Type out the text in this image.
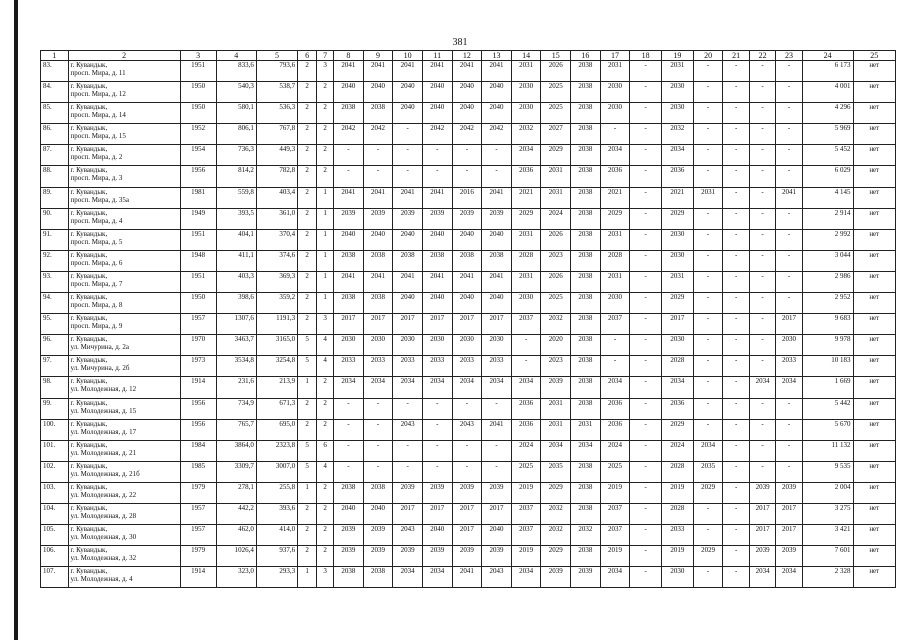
381
1	2	3	4	5	6	7	8	9	10	11	12	13	14	15	16	17	18	19	20	21	22	23	24	25
83.	г. Кувандык,
просп. Мира, д. 11	1951	833,6	793,6	2	3	2041	2041	2041	2041	2041	2041	2031	2026	2038	2031	-	2031	-	-	-	-	6 173	нет
84.	г. Кувандык,
просп. Мира, д. 12	1950	540,3	538,7	2	2	2040	2040	2040	2040	2040	2040	2030	2025	2038	2030	-	2030	-	-	-	-	4 001	нет
85.	г. Кувандык,
просп. Мира, д. 14	1950	580,1	536,3	2	2	2038	2038	2040	2040	2040	2040	2030	2025	2038	2030	-	2030	-	-	-	-	4 296	нет
86.	г. Кувандык,
просп. Мира, д. 15	1952	806,1	767,8	2	2	2042	2042	-	2042	2042	2042	2032	2027	2038	-	-	2032	-	-	-	-	5 969	нет
87.	г. Кувандык,
просп. Мира, д. 2	1954	736,3	449,3	2	2	-	-	-	-	-	-	2034	2029	2038	2034	-	2034	-	-	-	-	5 452	нет
88.	г. Кувандык,
просп. Мира, д. 3	1956	814,2	782,8	2	2	-	-	-	-	-	-	2036	2031	2038	2036	-	2036	-	-	-	-	6 029	нет
89.	г. Кувандык,
просп. Мира, д. 35а	1981	559,8	403,4	2	1	2041	2041	2041	2041	2016	2041	2021	2031	2038	2021	-	2021	2031	-	-	2041	4 145	нет
90.	г. Кувандык,
просп. Мира, д. 4	1949	393,5	361,0	2	1	2039	2039	2039	2039	2039	2039	2029	2024	2038	2029	-	2029	-	-	-	-	2 914	нет
91.	г. Кувандык,
просп. Мира, д. 5	1951	404,1	370,4	2	1	2040	2040	2040	2040	2040	2040	2031	2026	2038	2031	-	2030	-	-	-	-	2 992	нет
92.	г. Кувандык,
просп. Мира, д. 6	1948	411,1	374,6	2	1	2038	2038	2038	2038	2038	2038	2028	2023	2038	2028	-	2030	-	-	-	-	3 044	нет
93.	г. Кувандык,
просп. Мира, д. 7	1951	403,3	369,3	2	1	2041	2041	2041	2041	2041	2041	2031	2026	2038	2031	-	2031	-	-	-	-	2 986	нет
94.	г. Кувандык,
просп. Мира, д. 8	1950	398,6	359,2	2	1	2038	2038	2040	2040	2040	2040	2030	2025	2038	2030	-	2029	-	-	-	-	2 952	нет
95.	г. Кувандык,
просп. Мира, д. 9	1957	1307,6	1191,3	2	3	2017	2017	2017	2017	2017	2017	2037	2032	2038	2037	-	2017	-	-	-	2017	9 683	нет
96.	г. Кувандык,
ул. Мичурина, д. 2а	1970	3463,7	3165,0	5	4	2030	2030	2030	2030	2030	2030	-	2020	2038	-	-	2030	-	-	-	2030	9 978	нет
97.	г. Кувандык,
ул. Мичурина, д. 2б	1973	3534,8	3254,8	5	4	2033	2033	2033	2033	2033	2033	-	2023	2038	-	-	2028	-	-	-	2033	10 183	нет
98.	г. Кувандык,
ул. Молодежная, д. 12	1914	231,6	213,9	1	2	2034	2034	2034	2034	2034	2034	2034	2039	2038	2034	-	2034	-	-	2034	2034	1 669	нет
99.	г. Кувандык,
ул. Молодежная, д. 15	1956	734,9	671,3	2	2	-	-	-	-	-	-	2036	2031	2038	2036	-	2036	-	-	-	-	5 442	нет
100.	г. Кувандык,
ул. Молодежная, д. 17	1956	765,7	695,0	2	2	-	-	2043	-	2043	2041	2036	2031	2031	2036	-	2029	-	-	-	-	5 670	нет
101.	г. Кувандык,
ул. Молодежная, д. 21	1984	3864,0	2323,8	5	6	-	-	-	-	-	-	2024	2034	2034	2024	-	2024	2034	-	-	-	11 132	нет
102.	г. Кувандык,
ул. Молодежная, д. 21б	1985	3309,7	3007,0	5	4	-	-	-	-	-	-	2025	2035	2038	2025	-	2028	2035	-	-	-	9 535	нет
103.	г. Кувандык,
ул. Молодежная, д. 22	1979	278,1	255,8	1	2	2038	2038	2039	2039	2039	2039	2019	2029	2038	2019	-	2019	2029	-	2039	2039	2 004	нет
104.	г. Кувандык,
ул. Молодежная, д. 28	1957	442,2	393,6	2	2	2040	2040	2017	2017	2017	2017	2037	2032	2038	2037	-	2028	-	-	2017	2017	3 275	нет
105.	г. Кувандык,
ул. Молодежная, д. 30	1957	462,0	414,0	2	2	2039	2039	2043	2040	2017	2040	2037	2032	2032	2037	-	2033	-	-	2017	2017	3 421	нет
106.	г. Кувандык,
ул. Молодежная, д. 32	1979	1026,4	937,6	2	2	2039	2039	2039	2039	2039	2039	2019	2029	2038	2019	-	2019	2029	-	2039	2039	7 601	нет
107.	г. Кувандык,
ул. Молодежная, д. 4	1914	323,0	293,3	1	3	2038	2038	2034	2034	2041	2043	2034	2039	2039	2034	-	2030	-	-	2034	2034	2 328	нет
